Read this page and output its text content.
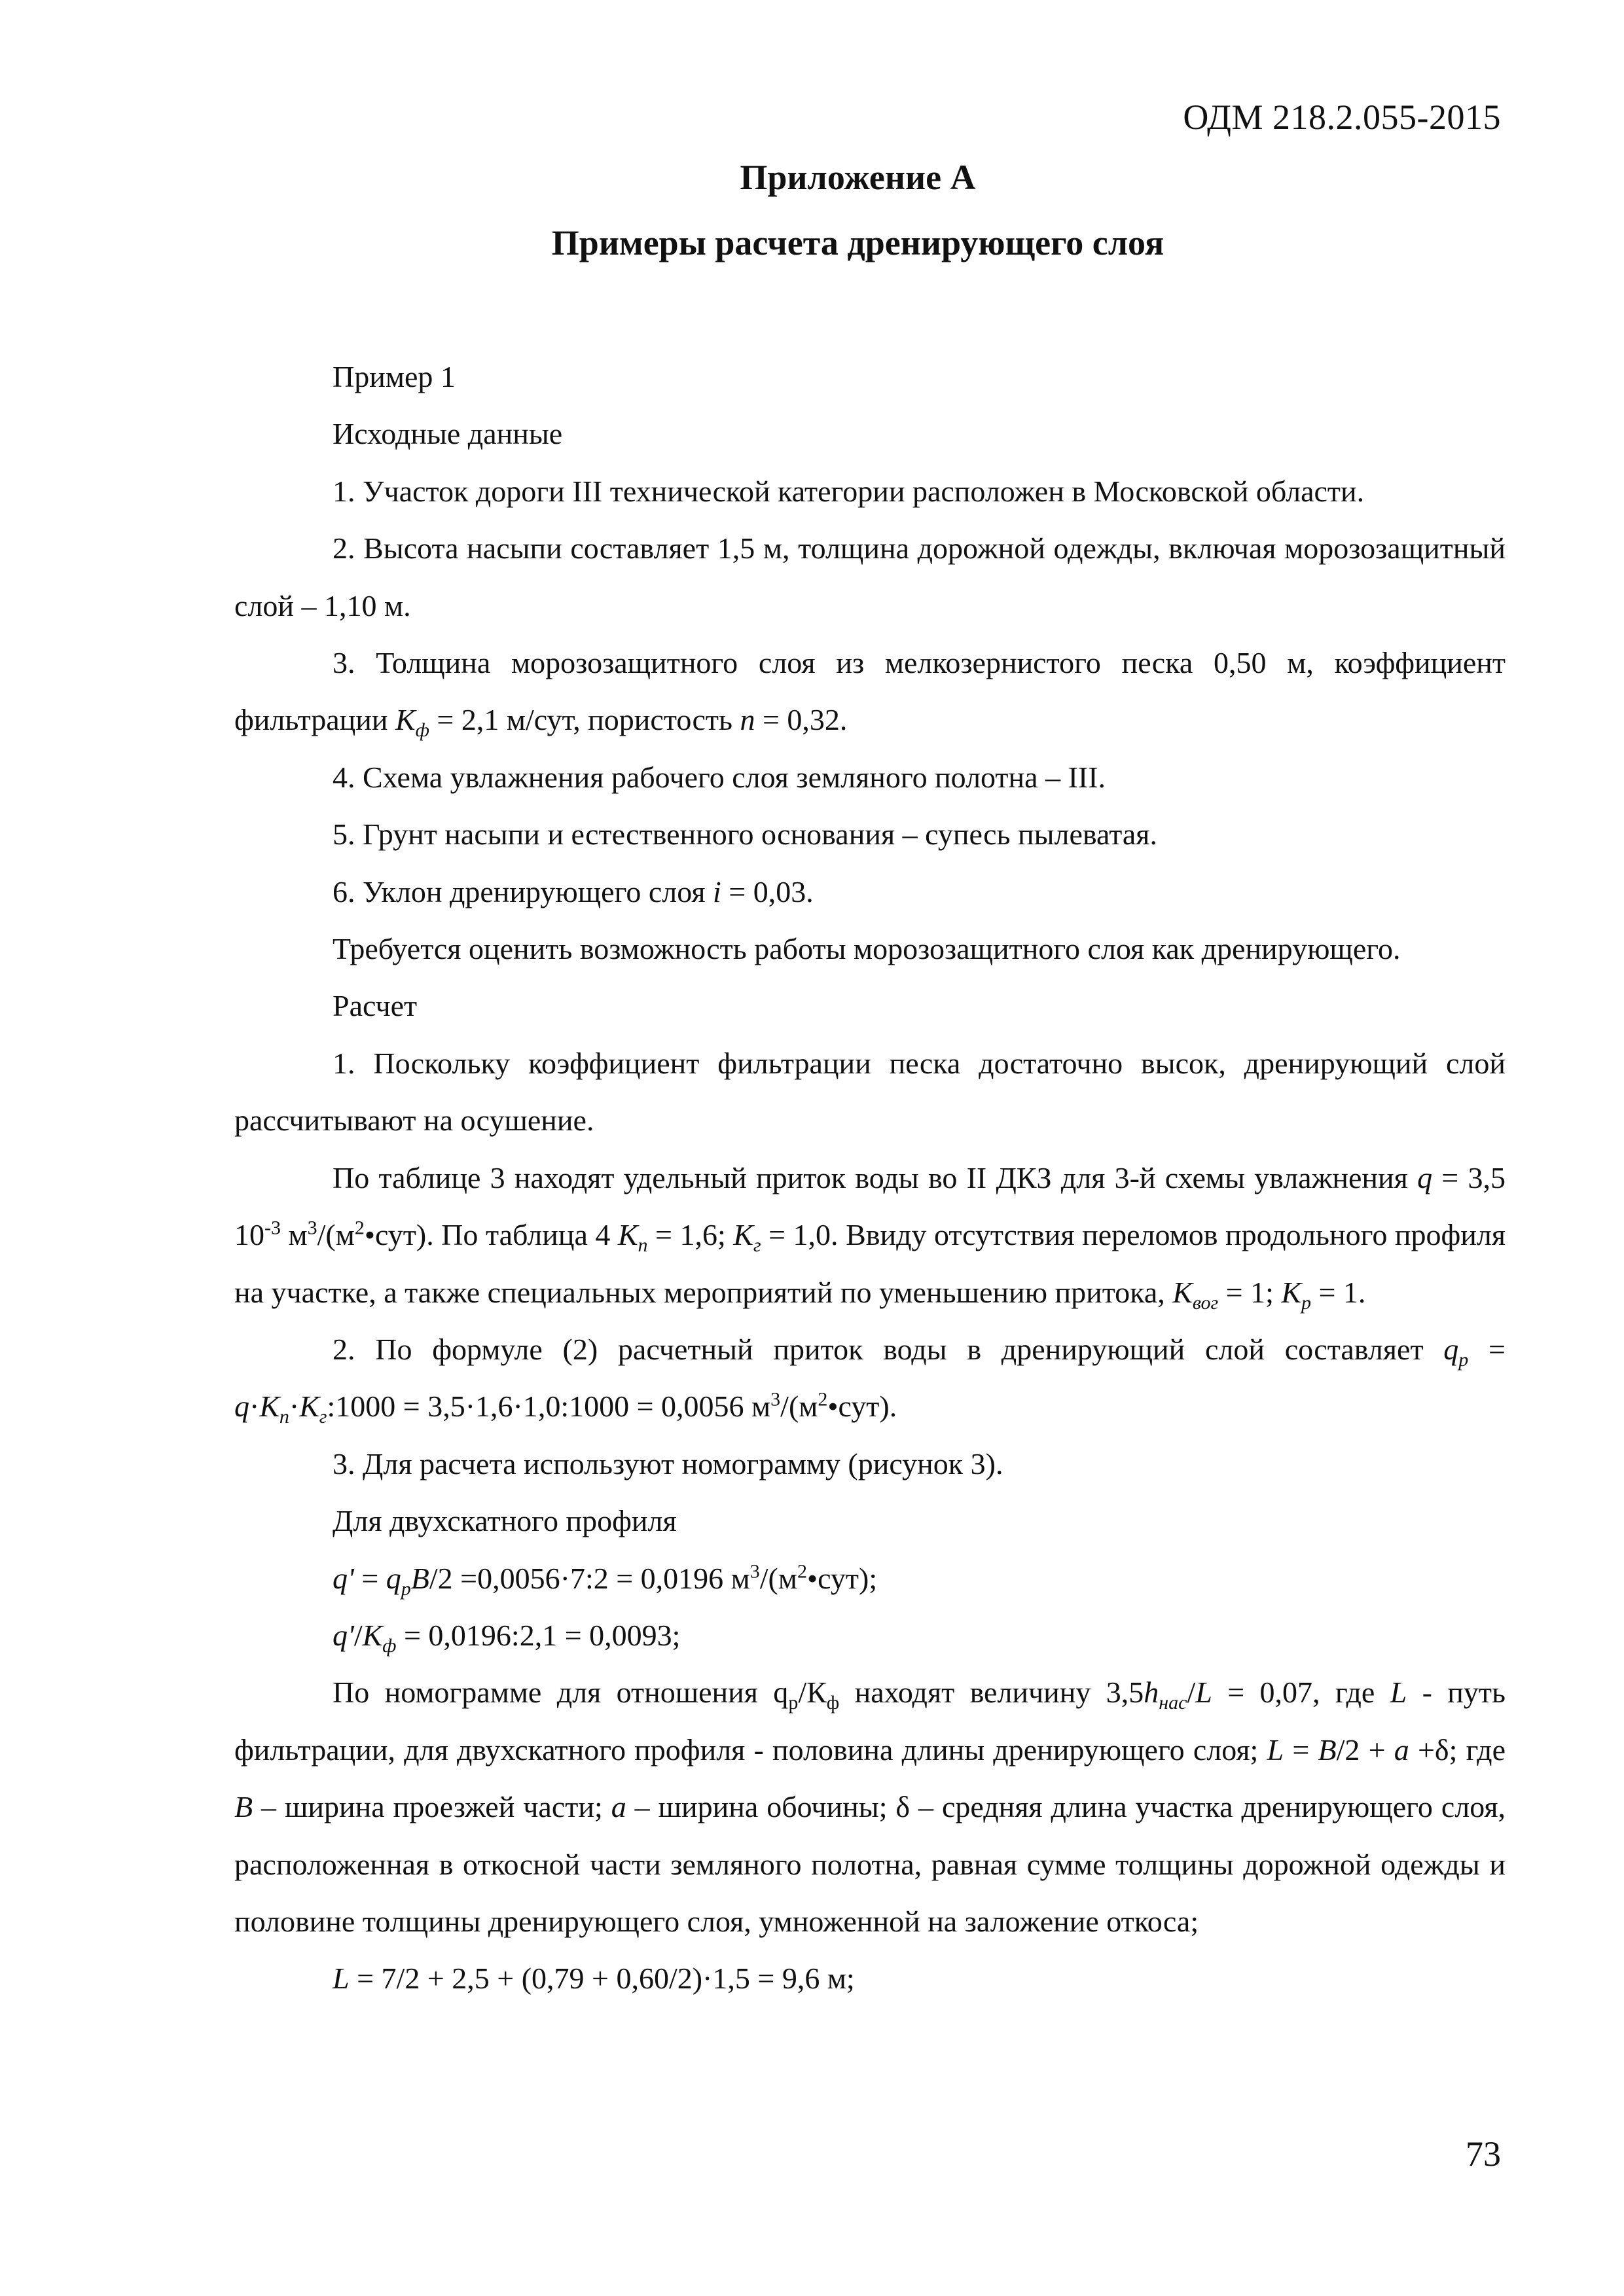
ОДМ 218.2.055-2015
Приложение А
Примеры расчета дренирующего слоя

Пример 1

Исходные данные

1. Участок дороги III технической категории расположен в Московской области.

2. Высота насыпи составляет 1,5 м, толщина дорожной одежды, включая морозозащитный слой – 1,10 м.

3. Толщина морозозащитного слоя из мелкозернистого песка 0,50 м, коэффициент фильтрации $К_ф = 2,1$ м/сут, пористость n = 0,32.

4. Схема увлажнения рабочего слоя земляного полотна – III.

5. Грунт насыпи и естественного основания – супесь пылеватая.

6. Уклон дренирующего слоя i = 0,03.

Требуется оценить возможность работы морозозащитного слоя как дренирующего.

Расчет

1. Поскольку коэффициент фильтрации песка достаточно высок, дренирующий слой рассчитывают на осушение.

По таблице 3 находят удельный приток воды во II ДКЗ для 3-й схемы увлажнения q = 3,5 $10^{-3}$ $м^3/(м^2•сут)$. По таблица 4 $К_п = 1,6$; $К_г = 1,0$. Ввиду отсутствия переломов продольного профиля на участке, а также специальных мероприятий по уменьшению притока, $К_{вог} = 1$; $К_р = 1$.

2. По формуле (2) расчетный приток воды в дренирующий слой составляет $q_р$ = $q\cdot К_п\cdot К_г:1000$ = 3,5·1,6·1,0:1000 = 0,0056 $м^3/(м^2•сут)$.

3. Для расчета используют номограмму (рисунок 3).

Для двухскатного профиля

$q' = q_рB/2$ =0,0056·7:2 = 0,0196 $м^3/(м^2•сут)$;

$q'/К_ф$ = 0,0196:2,1 = 0,0093;

По номограмме для отношения $q_р/К_ф$ находят величину $3,5h_{нас}/L = 0,07$, где L - путь фильтрации, для двухскатного профиля - половина длины дренирующего слоя; L = B/2 + a +δ; где B – ширина проезжей части; a – ширина обочины; δ – средняя длина участка дренирующего слоя, расположенная в откосной части земляного полотна, равная сумме толщины дорожной одежды и половине толщины дренирующего слоя, умноженной на заложение откоса;

L = 7/2 + 2,5 + (0,79 + 0,60/2)·1,5 = 9,6 м;

73
